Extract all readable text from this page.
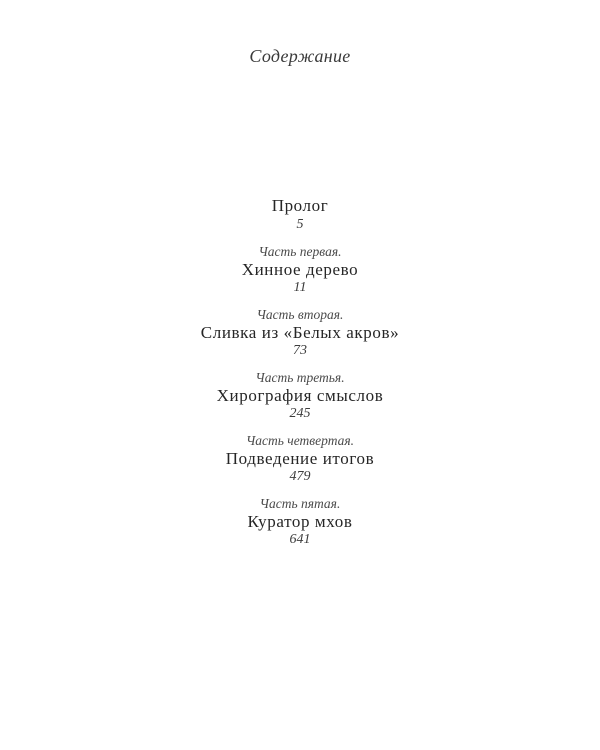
Содержание
Пролог
5
Часть первая.
Хинное дерево
11
Часть вторая.
Сливка из «Белых акров»
73
Часть третья.
Хирография смыслов
245
Часть четвертая.
Подведение итогов
479
Часть пятая.
Куратор мхов
641
